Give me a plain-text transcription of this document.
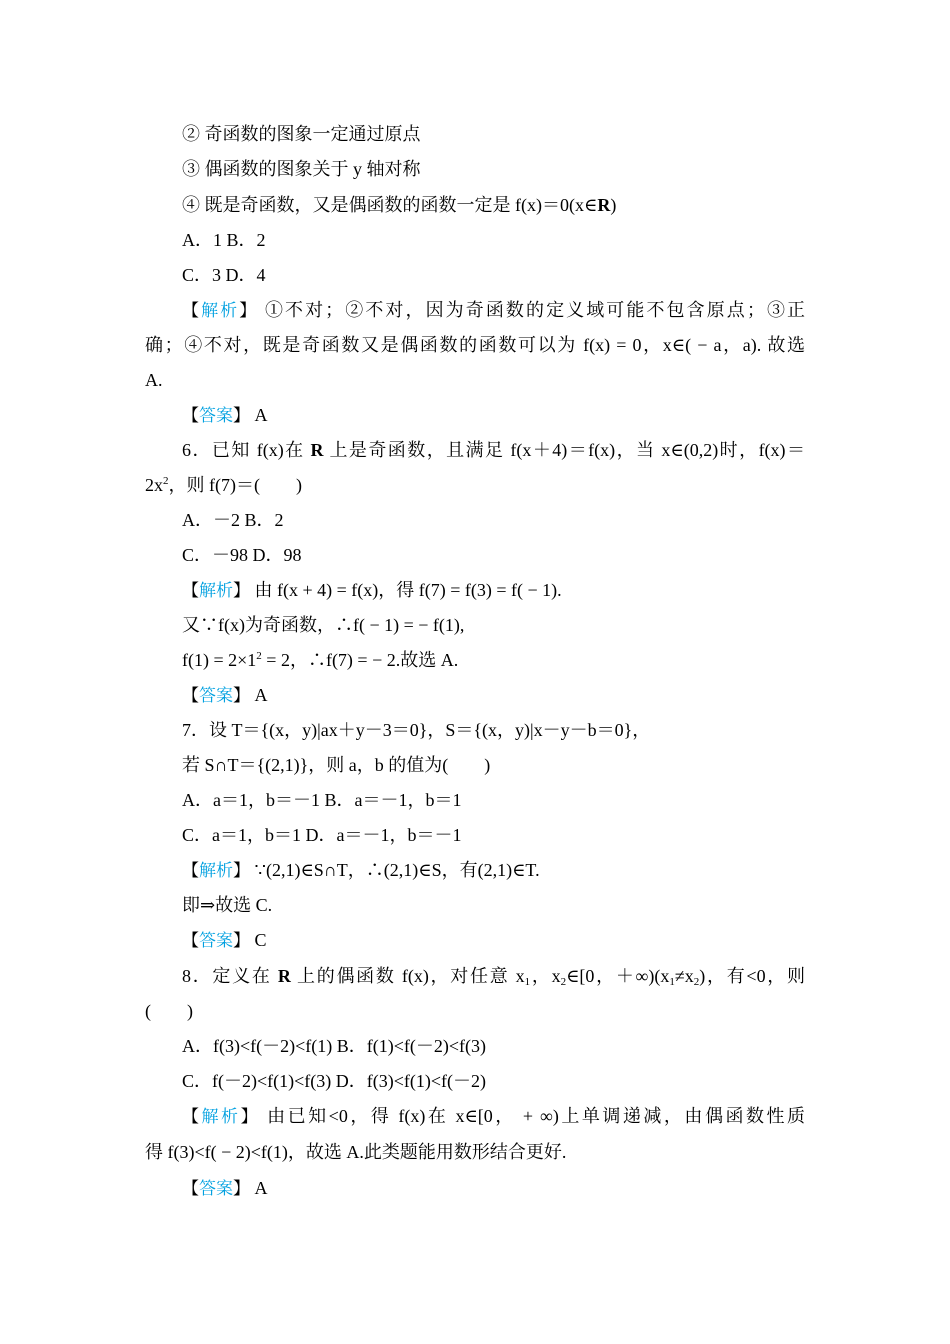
② 奇函数的图象一定通过原点
③ 偶函数的图象关于 y 轴对称
④ 既是奇函数，又是偶函数的函数一定是 f(x)＝0(x∈R)
A．1 B．2
C．3 D．4
【解析】 ①不对；②不对，因为奇函数的定义域可能不包含原点；③正
确；④不对，既是奇函数又是偶函数的函数可以为 f(x) = 0，x∈( − a，a). 故选
A.
【答案】 A
6．已知 f(x)在 R 上是奇函数，且满足 f(x＋4)＝f(x)，当 x∈(0,2)时，f(x)＝
$2x^2$，则 f(7)＝(　　)
A．－2 B．2
C．－98 D．98
【解析】 由 f(x + 4) = f(x)，得 f(7) = f(3) = f( − 1).
又∵f(x)为奇函数，∴f( − 1) = − f(1),
$f(1) = 2\times 1^2 = 2$，∴f(7) = − 2.故选 A.
【答案】 A
7．设 T＝{(x，y)|ax＋y－3＝0}，S＝{(x，y)|x－y－b＝0}，
若 S∩T＝{(2,1)}，则 a，b 的值为(　　)
A．a＝1，b＝－1 B．a＝－1，b＝1
C．a＝1，b＝1 D．a＝－1，b＝－1
【解析】 ∵(2,1)∈S∩T，∴(2,1)∈S，有(2,1)∈T.
即⇒故选 C.
【答案】 C
8．定义在 R 上的偶函数 f(x)，对任意 $x_1$，$x_2\in[0$，$+\infty)(x_1\ne x_2)$，有<0，则
(　　)
A．f(3)<f(－2)<f(1) B．f(1)<f(－2)<f(3)
C．f(－2)<f(1)<f(3) D．f(3)<f(1)<f(－2)
【解析】 由已知<0，得 f(x)在 x∈[0， + ∞)上单调递减，由偶函数性质
得 f(3)<f( − 2)<f(1)，故选 A.此类题能用数形结合更好.
【答案】 A
